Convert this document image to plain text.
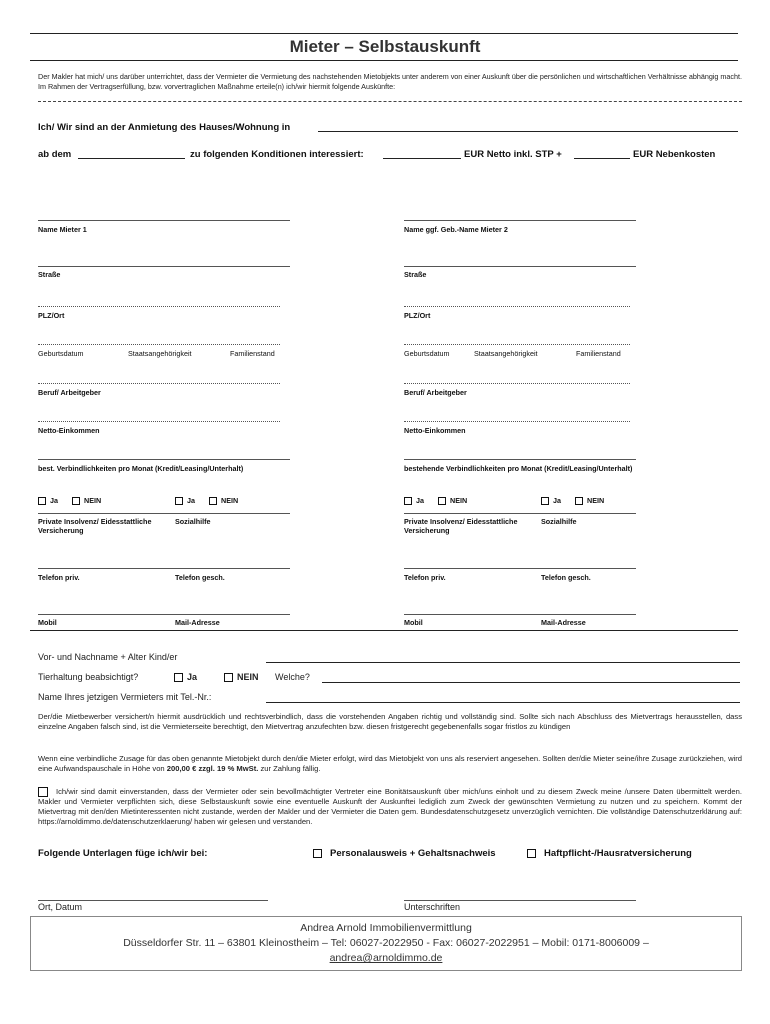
Mieter – Selbstauskunft
Der Makler hat mich/ uns darüber unterrichtet, dass der Vermieter die Vermietung des nachstehenden Mietobjekts unter anderem von einer Auskunft über die persönlichen und wirtschaftlichen Verhältnisse abhängig macht. Im Rahmen der Vertragserfüllung, bzw. vorvertraglichen Maßnahme erteile(n) ich/wir hiermit folgende Auskünfte:
Ich/ Wir sind an der Anmietung des Hauses/Wohnung in
ab dem	zu folgenden Konditionen interessiert:	EUR Netto inkl. STP +	EUR Nebenkosten
Name Mieter 1
Straße
PLZ/Ort
Geburtsdatum	Staatsangehörigkeit	Familienstand
Beruf/ Arbeitgeber
Netto-Einkommen
best. Verbindlichkeiten pro Monat (Kredit/Leasing/Unterhalt)
Ja	NEIN	Ja	NEIN
Private Insolvenz/ Eidesstattliche Versicherung
Sozialhilfe
Telefon priv.	Telefon gesch.
Mobil	Mail-Adresse
Name ggf. Geb.-Name Mieter 2
Straße
PLZ/Ort
Geburtsdatum	Staatsangehörigkeit	Familienstand
Beruf/ Arbeitgeber
Netto-Einkommen
bestehende Verbindlichkeiten pro Monat (Kredit/Leasing/Unterhalt)
Ja	NEIN	Ja	NEIN
Private Insolvenz/ Eidesstattliche Versicherung
Sozialhilfe
Telefon priv.	Telefon gesch.
Mobil	Mail-Adresse
Vor- und Nachname + Alter Kind/er
Tierhaltung beabsichtigt?	Ja	NEIN Welche?
Name Ihres jetzigen Vermieters mit Tel.-Nr.:
Der/die Mietbewerber versichert/n hiermit ausdrücklich und rechtsverbindlich, dass die vorstehenden Angaben richtig und vollständig sind. Sollte sich nach Abschluss des Mietvertrags herausstellen, dass einzelne Angaben falsch sind, ist die Vermieterseite berechtigt, den Mietvertrag anzufechten bzw. diesen fristgerecht gegebenenfalls sogar fristlos zu kündigen
Wenn eine verbindliche Zusage für das oben genannte Mietobjekt durch den/die Mieter erfolgt, wird das Mietobjekt von uns als reserviert angesehen. Sollten der/die Mieter seine/ihre Zusage zurückziehen, wird eine Aufwandspauschale in Höhe von 200,00 € zzgl. 19 % MwSt. zur Zahlung fällig.
Ich/wir sind damit einverstanden, dass der Vermieter oder sein bevollmächtigter Vertreter eine Bonitätsauskunft über mich/uns einholt und zu diesem Zweck meine /unsere Daten übermittelt werden. Makler und Vermieter verpflichten sich, diese Selbstauskunft sowie eine eventuelle Auskunft der Auskunftei lediglich zum Zweck der gewünschten Vermietung zu nutzen und zu speichern. Kommt der Mietvertrag mit den/den Mietinteressenten nicht zustande, werden der Makler und der Vermieter die Daten gem. Bundesdatenschutzgesetz unverzüglich vernichten. Die vollständige Datenschutzerklärung auf: https://arnoldimmo.de/datenschutzerklaerung/ haben wir gelesen und verstanden.
Folgende Unterlagen füge ich/wir bei:	Personalausweis + Gehaltsnachweis	Haftpflicht-/Hausratversicherung
Ort, Datum	Unterschriften
Andrea Arnold Immobilienvermittlung
Düsseldorfer Str. 11 – 63801 Kleinostheim – Tel: 06027-2022950 - Fax: 06027-2022951 – Mobil: 0171-8006009 –
andrea@arnoldimmo.de
